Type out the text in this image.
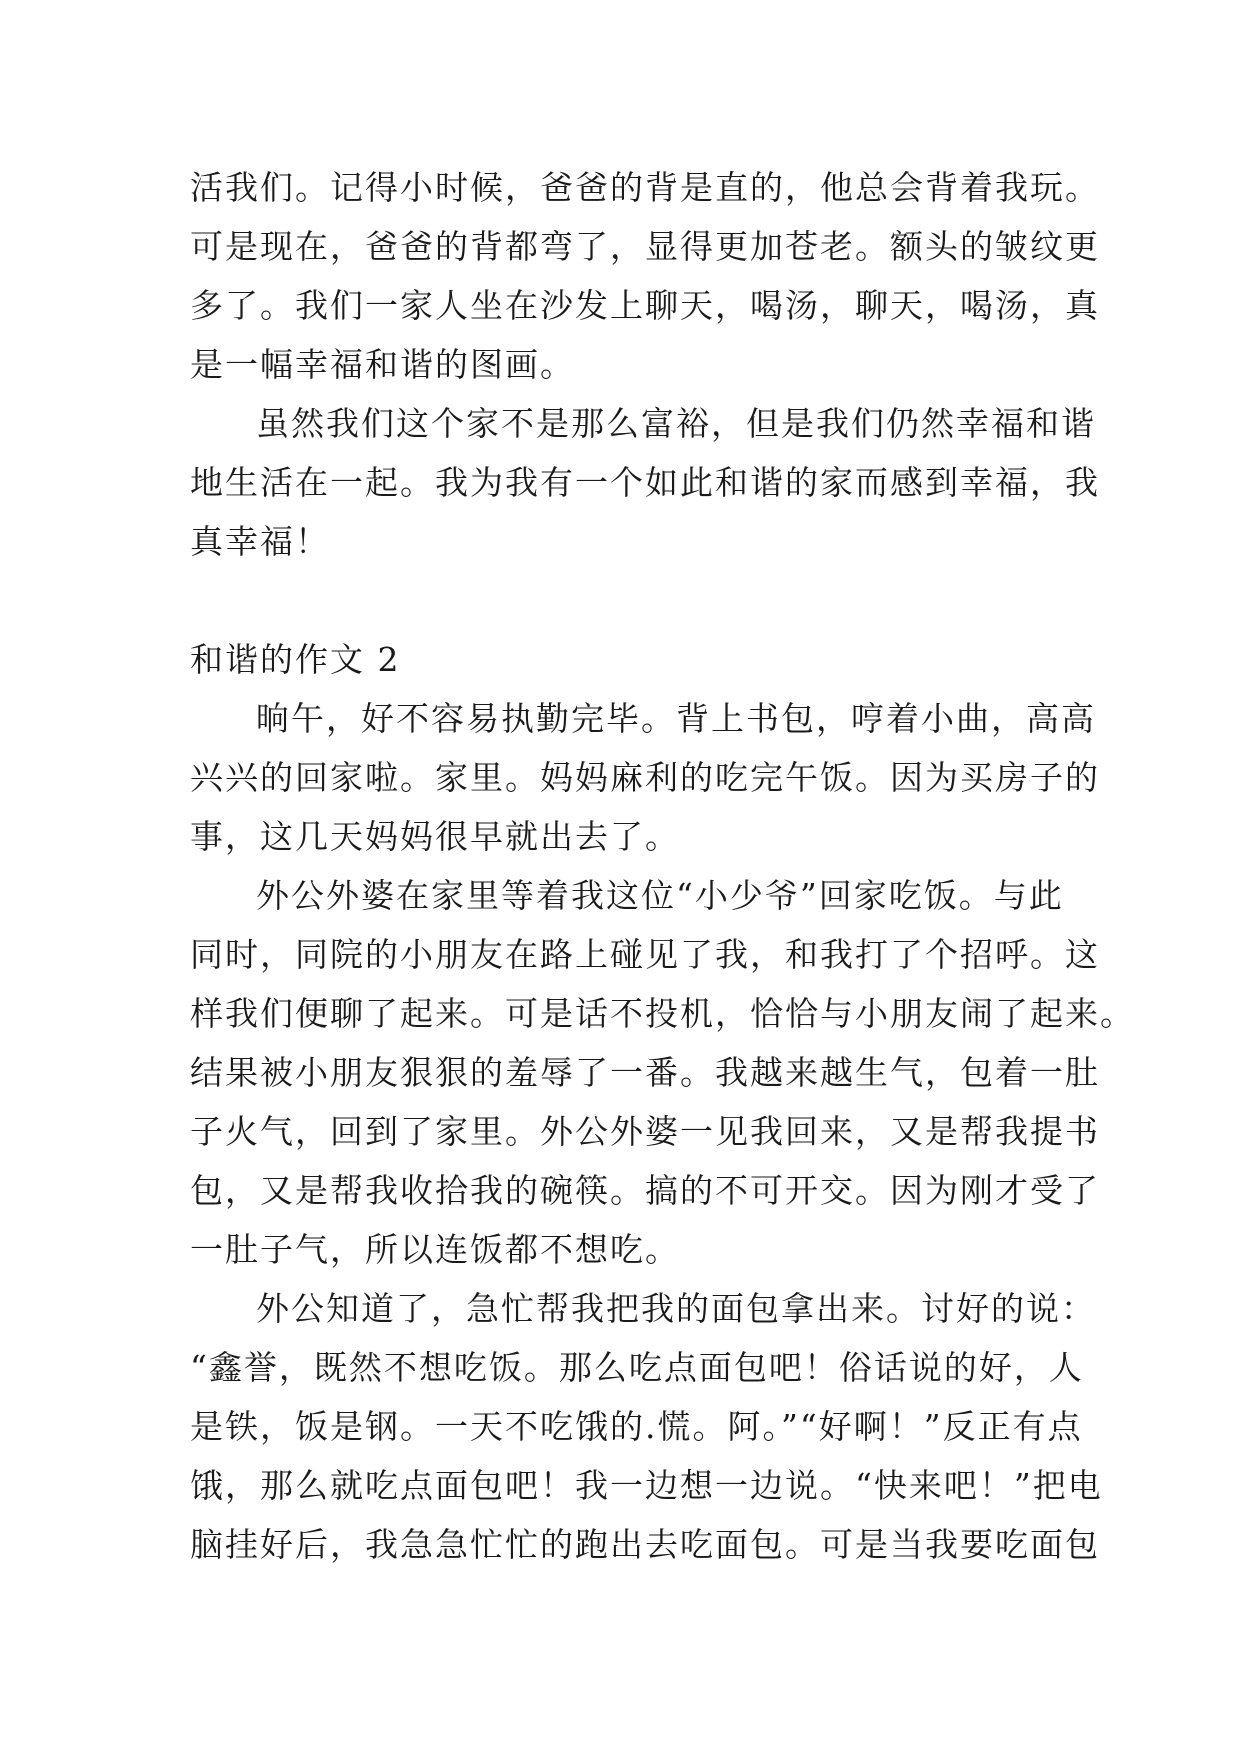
活我们。记得小时候，爸爸的背是直的，他总会背着我玩。
可是现在，爸爸的背都弯了，显得更加苍老。额头的皱纹更
多了。我们一家人坐在沙发上聊天，喝汤，聊天，喝汤，真
是一幅幸福和谐的图画。
虽然我们这个家不是那么富裕，但是我们仍然幸福和谐
地生活在一起。我为我有一个如此和谐的家而感到幸福，我
真幸福！
和谐的作文 2
晌午，好不容易执勤完毕。背上书包，哼着小曲，高高
兴兴的回家啦。家里。妈妈麻利的吃完午饭。因为买房子的
事，这几天妈妈很早就出去了。
外公外婆在家里等着我这位“小少爷”回家吃饭。与此
同时，同院的小朋友在路上碰见了我，和我打了个招呼。这
样我们便聊了起来。可是话不投机，恰恰与小朋友闹了起来。
结果被小朋友狠狠的羞辱了一番。我越来越生气，包着一肚
子火气，回到了家里。外公外婆一见我回来，又是帮我提书
包，又是帮我收拾我的碗筷。搞的不可开交。因为刚才受了
一肚子气，所以连饭都不想吃。
外公知道了，急忙帮我把我的面包拿出来。讨好的说：
“鑫誉，既然不想吃饭。那么吃点面包吧！俗话说的好，人
是铁，饭是钢。一天不吃饿的.慌。阿。”“好啊！”反正有点
饿，那么就吃点面包吧！我一边想一边说。“快来吧！”把电
脑挂好后，我急急忙忙的跑出去吃面包。可是当我要吃面包
